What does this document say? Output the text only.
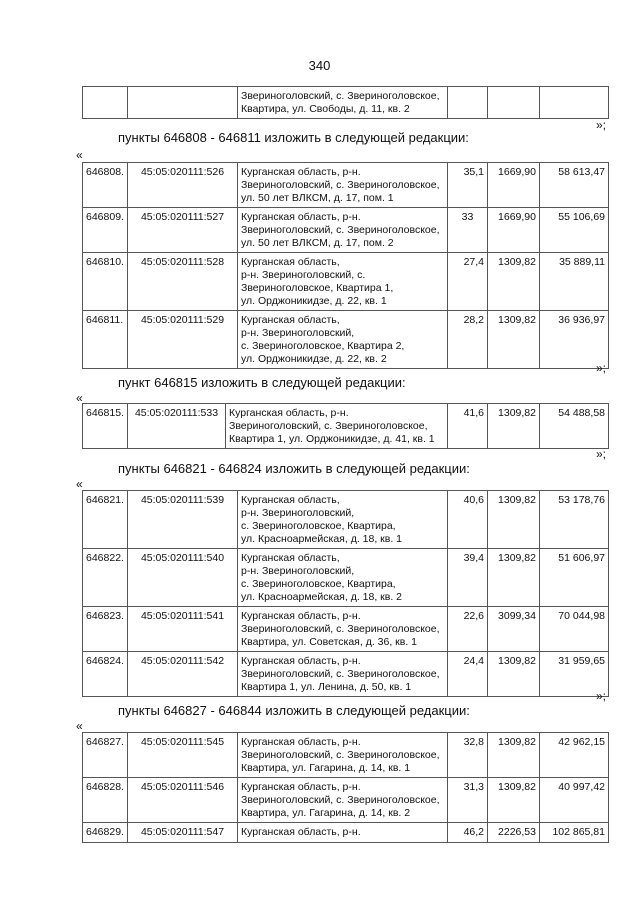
340
		Звериноголовский, с. Звериноголовское,
Квартира, ул. Свободы, д. 11, кв. 2			
»;
пункты 646808 - 646811 изложить в следующей редакции:
«
646808.	45:05:020111:526	Курганская область, р-н.
Звериноголовский, с. Звериноголовское,
ул. 50 лет ВЛКСМ, д. 17, пом. 1	35,1	1669,90	58 613,47
646809.	45:05:020111:527	Курганская область, р-н.
Звериноголовский, с. Звериноголовское,
ул. 50 лет ВЛКСМ, д. 17, пом. 2	33	1669,90	55 106,69
646810.	45:05:020111:528	Курганская область,
р-н. Звериноголовский, с.
Звериноголовское, Квартира 1,
ул. Орджоникидзе, д. 22, кв. 1	27,4	1309,82	35 889,11
646811.	45:05:020111:529	Курганская область,
р-н. Звериноголовский,
с. Звериноголовское, Квартира 2,
ул. Орджоникидзе, д. 22, кв. 2	28,2	1309,82	36 936,97
»;
пункт 646815 изложить в следующей редакции:
«
646815.	45:05:020111:533	Курганская область, р-н.
Звериноголовский, с. Звериноголовское,
Квартира 1, ул. Орджоникидзе, д. 41, кв. 1	41,6	1309,82	54 488,58
»;
пункты 646821 - 646824 изложить в следующей редакции:
«
646821.	45:05:020111:539	Курганская область,
р-н. Звериноголовский,
с. Звериноголовское, Квартира,
ул. Красноармейская, д. 18, кв. 1	40,6	1309,82	53 178,76
646822.	45:05:020111:540	Курганская область,
р-н. Звериноголовский,
с. Звериноголовское, Квартира,
ул. Красноармейская, д. 18, кв. 2	39,4	1309,82	51 606,97
646823.	45:05:020111:541	Курганская область, р-н.
Звериноголовский, с. Звериноголовское,
Квартира, ул. Советская, д. 36, кв. 1	22,6	3099,34	70 044,98
646824.	45:05:020111:542	Курганская область, р-н.
Звериноголовский, с. Звериноголовское,
Квартира 1, ул. Ленина, д. 50, кв. 1	24,4	1309,82	31 959,65
»;
пункты 646827 - 646844 изложить в следующей редакции:
«
646827.	45:05:020111:545	Курганская область, р-н.
Звериноголовский, с. Звериноголовское,
Квартира, ул. Гагарина, д. 14, кв. 1	32,8	1309,82	42 962,15
646828.	45:05:020111:546	Курганская область, р-н.
Звериноголовский, с. Звериноголовское,
Квартира, ул. Гагарина, д. 14, кв. 2	31,3	1309,82	40 997,42
646829.	45:05:020111:547	Курганская область, р-н.	46,2	2226,53	102 865,81
